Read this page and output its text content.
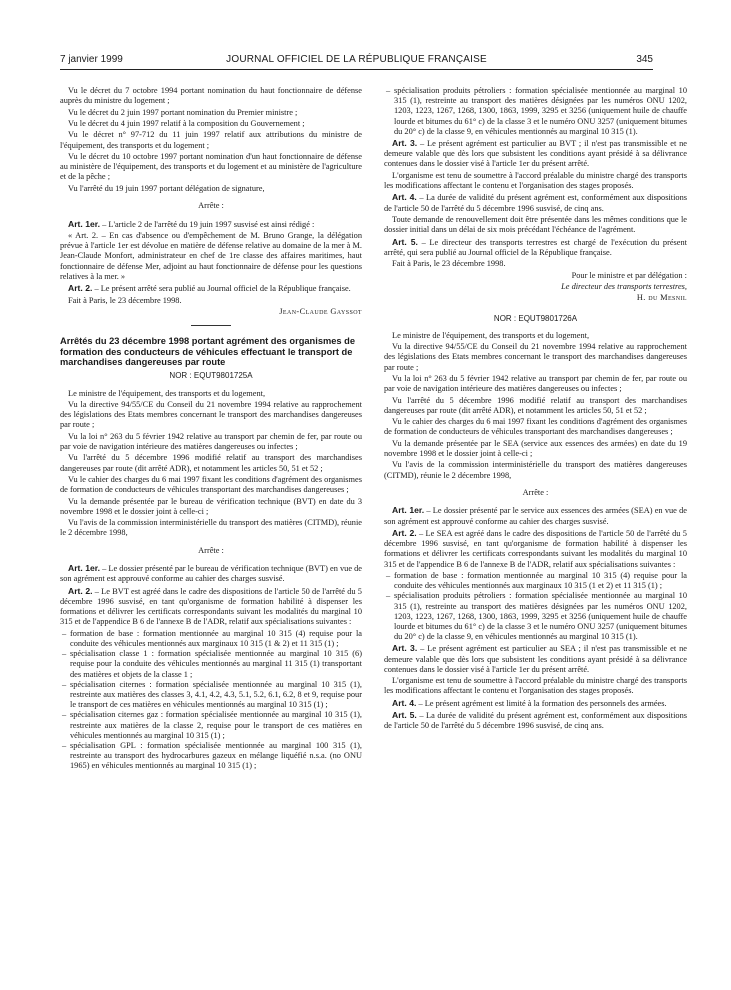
7 janvier 1999	JOURNAL OFFICIEL DE LA RÉPUBLIQUE FRANÇAISE	345

Vu le décret du 7 octobre 1994 portant nomination du haut fonctionnaire de défense auprès du ministre du logement ;

Vu le décret du 2 juin 1997 portant nomination du Premier ministre ;

Vu le décret du 4 juin 1997 relatif à la composition du Gouvernement ;

Vu le décret n° 97-712 du 11 juin 1997 relatif aux attributions du ministre de l'équipement, des transports et du logement ;

Vu le décret du 10 octobre 1997 portant nomination d'un haut fonctionnaire de défense au ministère de l'équipement, des transports et du logement et au ministère de l'agriculture et de la pêche ;

Vu l'arrêté du 19 juin 1997 portant délégation de signature,

Arrête :

Art. 1er. – L'article 2 de l'arrêté du 19 juin 1997 susvisé est ainsi rédigé :

« Art. 2. – En cas d'absence ou d'empêchement de M. Bruno Grange, la délégation prévue à l'article 1er est dévolue en matière de défense relative au domaine de la mer à M. Jean-Claude Monfort, administrateur en chef de 1re classe des affaires maritimes, haut fonctionnaire de défense Mer, adjoint au haut fonctionnaire de défense pour les questions relatives à la mer. »

Art. 2. – Le présent arrêté sera publié au Journal officiel de la République française.

Fait à Paris, le 23 décembre 1998.

Jean-Claude Gayssot

Arrêtés du 23 décembre 1998 portant agrément des organismes de formation des conducteurs de véhicules effectuant le transport de marchandises dangereuses par route

NOR : EQUT9801725A

Le ministre de l'équipement, des transports et du logement,

Vu la directive 94/55/CE du Conseil du 21 novembre 1994 relative au rapprochement des législations des Etats membres concernant le transport des marchandises dangereuses par route ;

Vu la loi n° 263 du 5 février 1942 relative au transport par chemin de fer, par route ou par voie de navigation intérieure des matières dangereuses ou infectes ;

Vu l'arrêté du 5 décembre 1996 modifié relatif au transport des marchandises dangereuses par route (dit arrêté ADR), et notamment les articles 50, 51 et 52 ;

Vu le cahier des charges du 6 mai 1997 fixant les conditions d'agrément des organismes de formation de conducteurs de véhicules transportant des marchandises dangereuses ;

Vu la demande présentée par le bureau de vérification technique (BVT) en date du 3 novembre 1998 et le dossier joint à celle-ci ;

Vu l'avis de la commission interministérielle du transport des matières (CITMD), réunie le 2 décembre 1998,

Arrête :

Art. 1er. – Le dossier présenté par le bureau de vérification technique (BVT) en vue de son agrément est approuvé conforme au cahier des charges susvisé.

Art. 2. – Le BVT est agréé dans le cadre des dispositions de l'article 50 de l'arrêté du 5 décembre 1996 susvisé, en tant qu'organisme de formation habilité à dispenser les formations et délivrer les certificats correspondants suivant les modalités du marginal 10 315 et de l'appendice B 6 de l'annexe B de l'ADR, relatif aux spécialisations suivantes :

– formation de base : formation mentionnée au marginal 10 315 (4) requise pour la conduite des véhicules mentionnés aux marginaux 10 315 (1 & 2) et 11 315 (1) ;
– spécialisation classe 1 : formation spécialisée mentionnée au marginal 10 315 (6) requise pour la conduite des véhicules mentionnés au marginal 11 315 (1) transportant des matières et objets de la classe 1 ;
– spécialisation citernes : formation spécialisée mentionnée au marginal 10 315 (1), restreinte aux matières des classes 3, 4.1, 4.2, 4.3, 5.1, 5.2, 6.1, 6.2, 8 et 9, requise pour le transport de ces matières en véhicules mentionnés au marginal 10 315 (1) ;
– spécialisation citernes gaz : formation spécialisée mentionnée au marginal 10 315 (1), restreinte aux matières de la classe 2, requise pour le transport de ces matières en véhicules mentionnés au marginal 10 315 (1) ;
– spécialisation GPL : formation spécialisée mentionnée au marginal 100 315 (1), restreinte au transport des hydrocarbures gazeux en mélange liquéfié n.s.a. (no ONU 1965) en véhicules mentionnés au marginal 10 315 (1) ;
– spécialisation produits pétroliers : formation spécialisée mentionnée au marginal 10 315 (1), restreinte au transport des matières désignées par les numéros ONU 1202, 1203, 1223, 1267, 1268, 1300, 1863, 1999, 3295 et 3256 (uniquement huile de chauffe lourde et bitumes du 61° c) de la classe 3 et le numéro ONU 3257 (uniquement bitumes du 20° c) de la classe 9, en véhicules mentionnés au marginal 10 315 (1).

Art. 3. – Le présent agrément est particulier au BVT ; il n'est pas transmissible et ne demeure valable que dès lors que subsistent les conditions ayant présidé à sa délivrance contenues dans le dossier visé à l'article 1er du présent arrêté.

L'organisme est tenu de soumettre à l'accord préalable du ministre chargé des transports les modifications affectant le contenu et l'organisation des stages proposés.

Art. 4. – La durée de validité du présent agrément est, conformément aux dispositions de l'article 50 de l'arrêté du 5 décembre 1996 susvisé, de cinq ans.

Toute demande de renouvellement doit être présentée dans les mêmes conditions que le dossier initial dans un délai de six mois précédant l'échéance de l'agrément.

Art. 5. – Le directeur des transports terrestres est chargé de l'exécution du présent arrêté, qui sera publié au Journal officiel de la République française.

Fait à Paris, le 23 décembre 1998.

Pour le ministre et par délégation :

Le directeur des transports terrestres,

H. du Mesnil

NOR : EQUT9801726A

Le ministre de l'équipement, des transports et du logement,

Vu la directive 94/55/CE du Conseil du 21 novembre 1994 relative au rapprochement des législations des Etats membres concernant le transport des marchandises dangereuses par route ;

Vu la loi n° 263 du 5 février 1942 relative au transport par chemin de fer, par route ou par voie de navigation intérieure des matières dangereuses ou infectes ;

Vu l'arrêté du 5 décembre 1996 modifié relatif au transport des marchandises dangereuses par route (dit arrêté ADR), et notamment les articles 50, 51 et 52 ;

Vu le cahier des charges du 6 mai 1997 fixant les conditions d'agrément des organismes de formation de conducteurs de véhicules transportant des marchandises dangereuses ;

Vu la demande présentée par le SEA (service aux essences des armées) en date du 19 novembre 1998 et le dossier joint à celle-ci ;

Vu l'avis de la commission interministérielle du transport des matières dangereuses (CITMD), réunie le 2 décembre 1998,

Arrête :

Art. 1er. – Le dossier présenté par le service aux essences des armées (SEA) en vue de son agrément est approuvé conforme au cahier des charges susvisé.

Art. 2. – Le SEA est agréé dans le cadre des dispositions de l'article 50 de l'arrêté du 5 décembre 1996 susvisé, en tant qu'organisme de formation habilité à dispenser les formations et délivrer les certificats correspondants suivant les modalités du marginal 10 315 et de l'appendice B 6 de l'annexe B de l'ADR, relatif aux spécialisations suivantes :

– formation de base : formation mentionnée au marginal 10 315 (4) requise pour la conduite des véhicules mentionnés aux marginaux 10 315 (1 et 2) et 11 315 (1) ;
– spécialisation produits pétroliers : formation spécialisée mentionnée au marginal 10 315 (1), restreinte au transport des matières désignées par les numéros ONU 1202, 1203, 1223, 1267, 1268, 1300, 1863, 1999, 3295 et 3256 (uniquement huile de chauffe lourde et bitumes du 61° c) de la classe 3 et le numéro ONU 3257 (uniquement bitumes du 20° c) de la classe 9, en véhicules mentionnés au marginal 10 315 (1).

Art. 3. – Le présent agrément est particulier au SEA ; il n'est pas transmissible et ne demeure valable que dès lors que subsistent les conditions ayant présidé à sa délivrance contenues dans le dossier visé à l'article 1er du présent arrêté.

L'organisme est tenu de soumettre à l'accord préalable du ministre chargé des transports les modifications affectant le contenu et l'organisation des stages proposés.

Art. 4. – Le présent agrément est limité à la formation des personnels des armées.

Art. 5. – La durée de validité du présent agrément est, conformément aux dispositions de l'article 50 de l'arrêté du 5 décembre 1996 susvisé, de cinq ans.
